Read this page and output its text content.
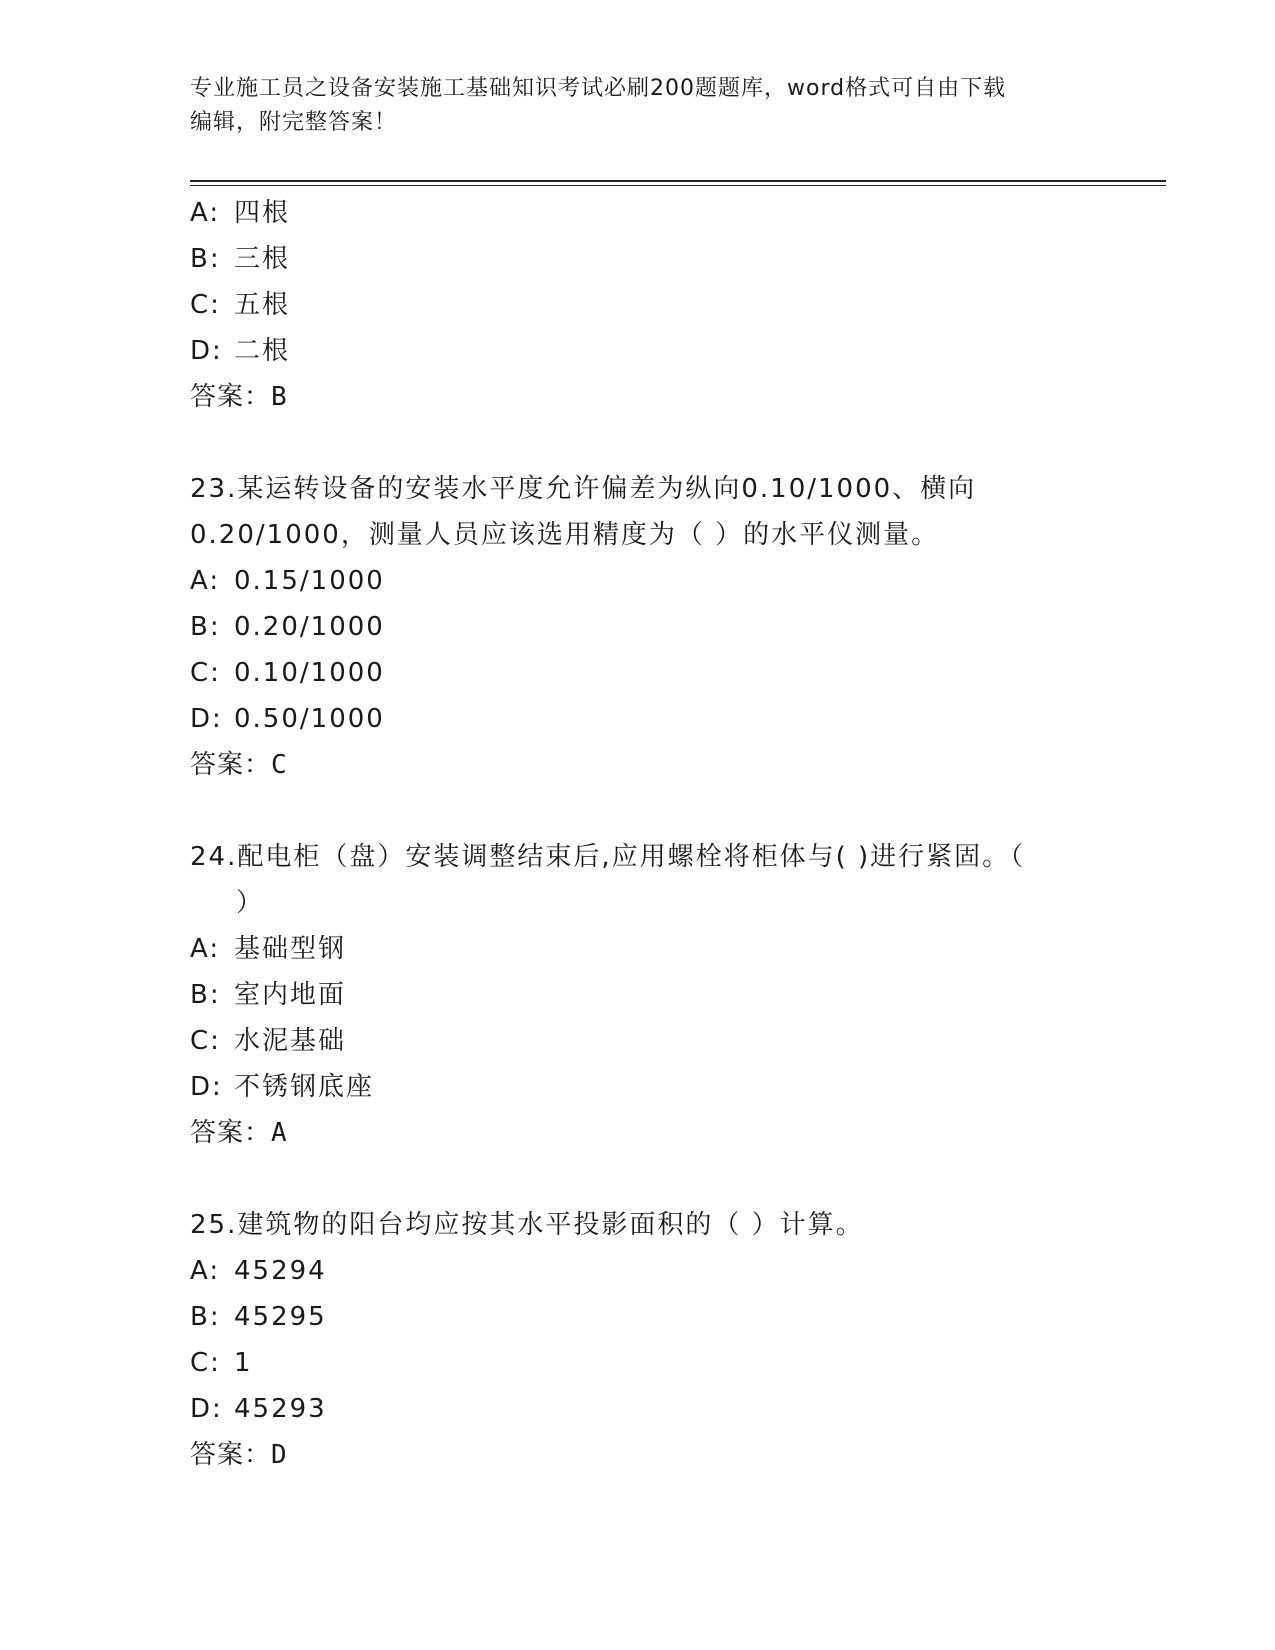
专业施工员之设备安装施工基础知识考试必刷200题题库，word格式可自由下载
编辑，附完整答案！
A: 四根
B: 三根
C: 五根
D: 二根
答案：B
23.某运转设备的安装水平度允许偏差为纵向0.10/1000、横向
0.20/1000，测量人员应该选用精度为（ ）的水平仪测量。
A: 0.15/1000
B: 0.20/1000
C: 0.10/1000
D: 0.50/1000
答案：C
24.配电柜（盘）安装调整结束后,应用螺栓将柜体与( )进行紧固。（
）
A: 基础型钢
B: 室内地面
C: 水泥基础
D: 不锈钢底座
答案：A
25.建筑物的阳台均应按其水平投影面积的（ ）计算。
A: 45294
B: 45295
C: 1
D: 45293
答案：D
